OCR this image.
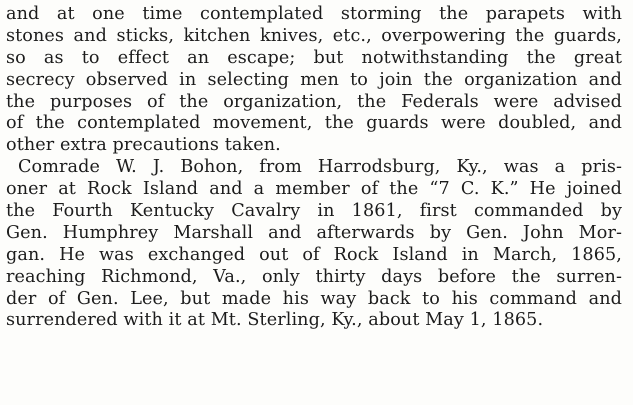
and at one time contemplated storming the parapets with
stones and sticks, kitchen knives, etc., overpowering the guards,
so as to effect an escape; but notwithstanding the great
secrecy observed in selecting men to join the organization and
the purposes of the organization, the Federals were advised
of the contemplated movement, the guards were doubled, and
other extra precautions taken.
Comrade W. J. Bohon, from Harrodsburg, Ky., was a pris-
oner at Rock Island and a member of the “7 C. K.” He joined
the Fourth Kentucky Cavalry in 1861, first commanded by
Gen. Humphrey Marshall and afterwards by Gen. John Mor-
gan. He was exchanged out of Rock Island in March, 1865,
reaching Richmond, Va., only thirty days before the surren-
der of Gen. Lee, but made his way back to his command and
surrendered with it at Mt. Sterling, Ky., about May 1, 1865.
